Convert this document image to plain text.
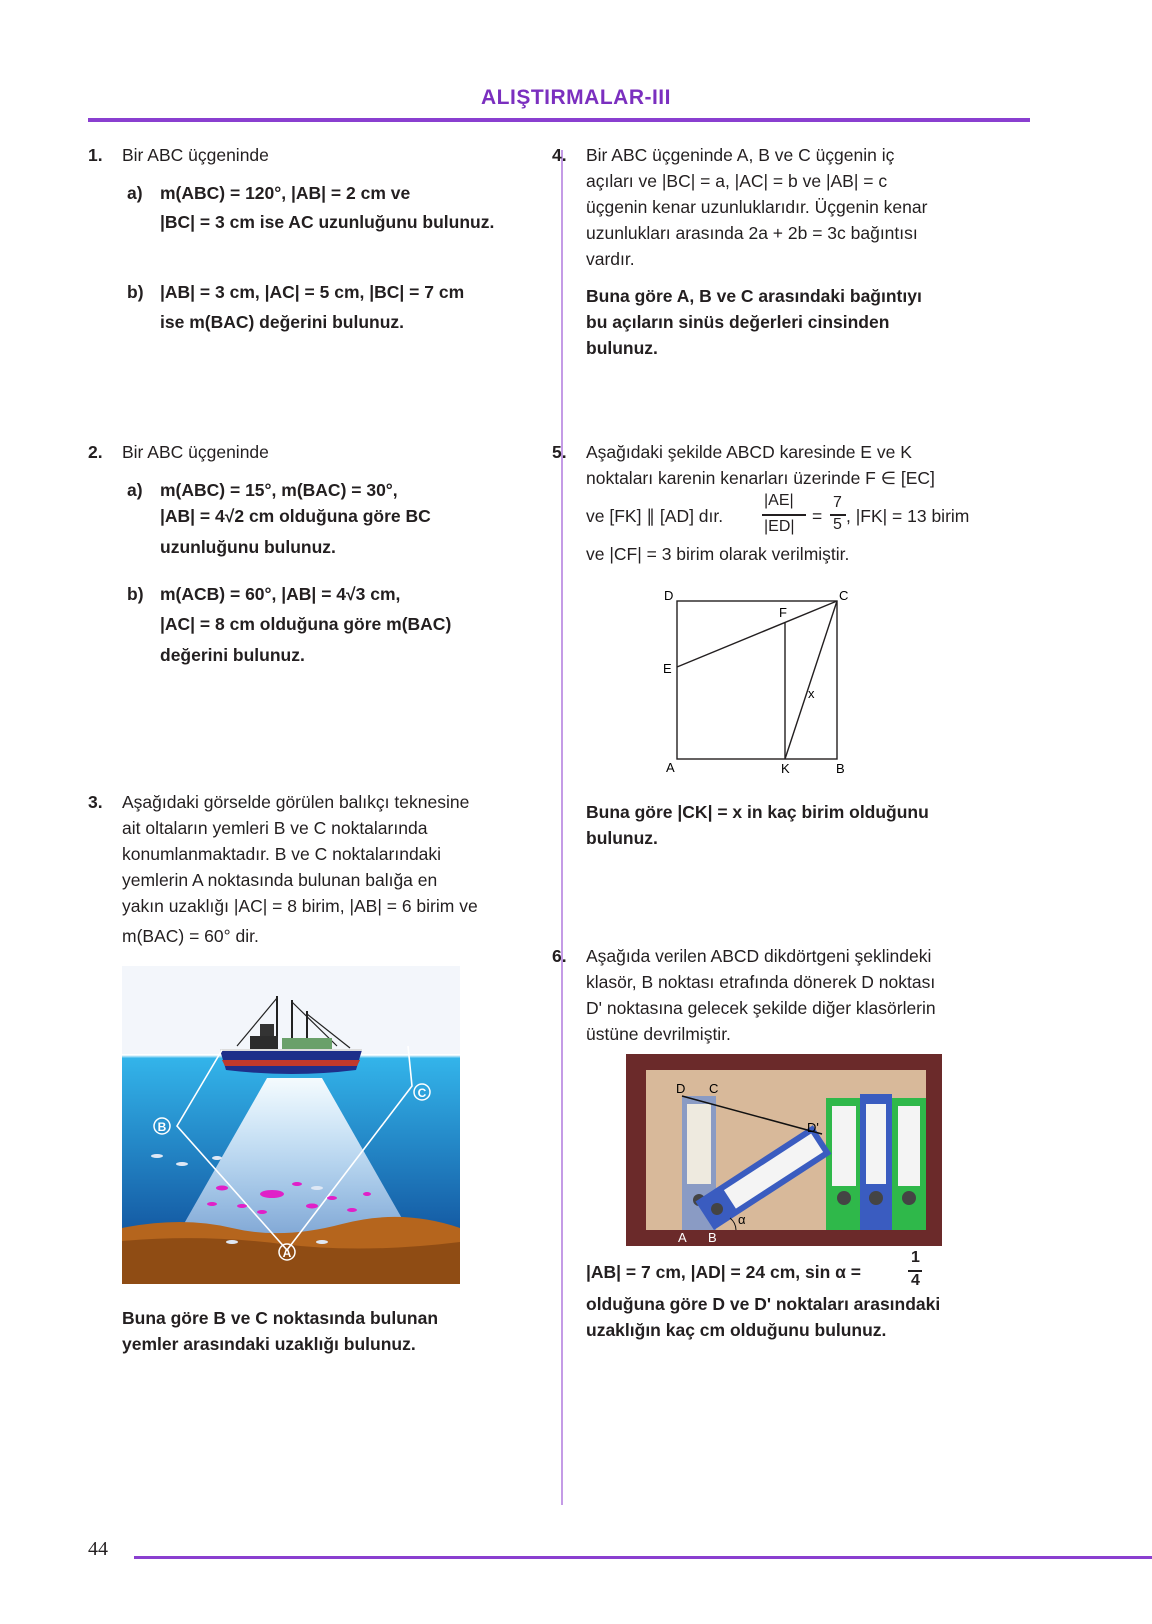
ALIŞTIRMALAR-III
44
1. Bir ABC üçgeninde
a) m(ABC) = 120°, |AB| = 2 cm ve
|BC| = 3 cm ise AC uzunluğunu bulunuz.
b) |AB| = 3 cm, |AC| = 5 cm, |BC| = 7 cm
ise m(BAC) değerini bulunuz.
2. Bir ABC üçgeninde
a) m(ABC) = 15°, m(BAC) = 30°,
|AB| = 4√2 cm olduğuna göre BC
uzunluğunu bulunuz.
b) m(ACB) = 60°, |AB| = 4√3 cm,
|AC| = 8 cm olduğuna göre m(BAC)
değerini bulunuz.
3. Aşağıdaki görselde görülen balıkçı teknesine
ait oltaların yemleri B ve C noktalarında
konumlanmaktadır. B ve C noktalarındaki
yemlerin A noktasında bulunan balığa en
yakın uzaklığı |AC| = 8 birim, |AB| = 6 birim ve
m(BAC) = 60° dir.
B
C
A
Buna göre B ve C noktasında bulunan
yemler arasındaki uzaklığı bulunuz.
4. Bir ABC üçgeninde A, B ve C üçgenin iç
açıları ve |BC| = a, |AC| = b ve |AB| = c
üçgenin kenar uzunluklarıdır. Üçgenin kenar
uzunlukları arasında 2a + 2b = 3c bağıntısı
vardır.
Buna göre A, B ve C arasındaki bağıntıyı
bu açıların sinüs değerleri cinsinden
bulunuz.
5. Aşağıdaki şekilde ABCD karesinde E ve K
noktaları karenin kenarları üzerinde F ∈ [EC]
ve [FK] ∥ [AD] dır.
|AE|
|ED|
=
7
5 , |FK| = 13 birim
ve |CF| = 3 birim olarak verilmiştir.
D	C
F
E
x
A	K	B
Buna göre |CK| = x in kaç birim olduğunu
bulunuz.
6. Aşağıda verilen ABCD dikdörtgeni şeklindeki
klasör, B noktası etrafında dönerek D noktası
D' noktasına gelecek şekilde diğer klasörlerin
üstüne devrilmiştir.
D C
D'
α
A B
|AB| = 7 cm, |AD| = 24 cm, sin α =
1
4
olduğuna göre D ve D' noktaları arasındaki
uzaklığın kaç cm olduğunu bulunuz.
